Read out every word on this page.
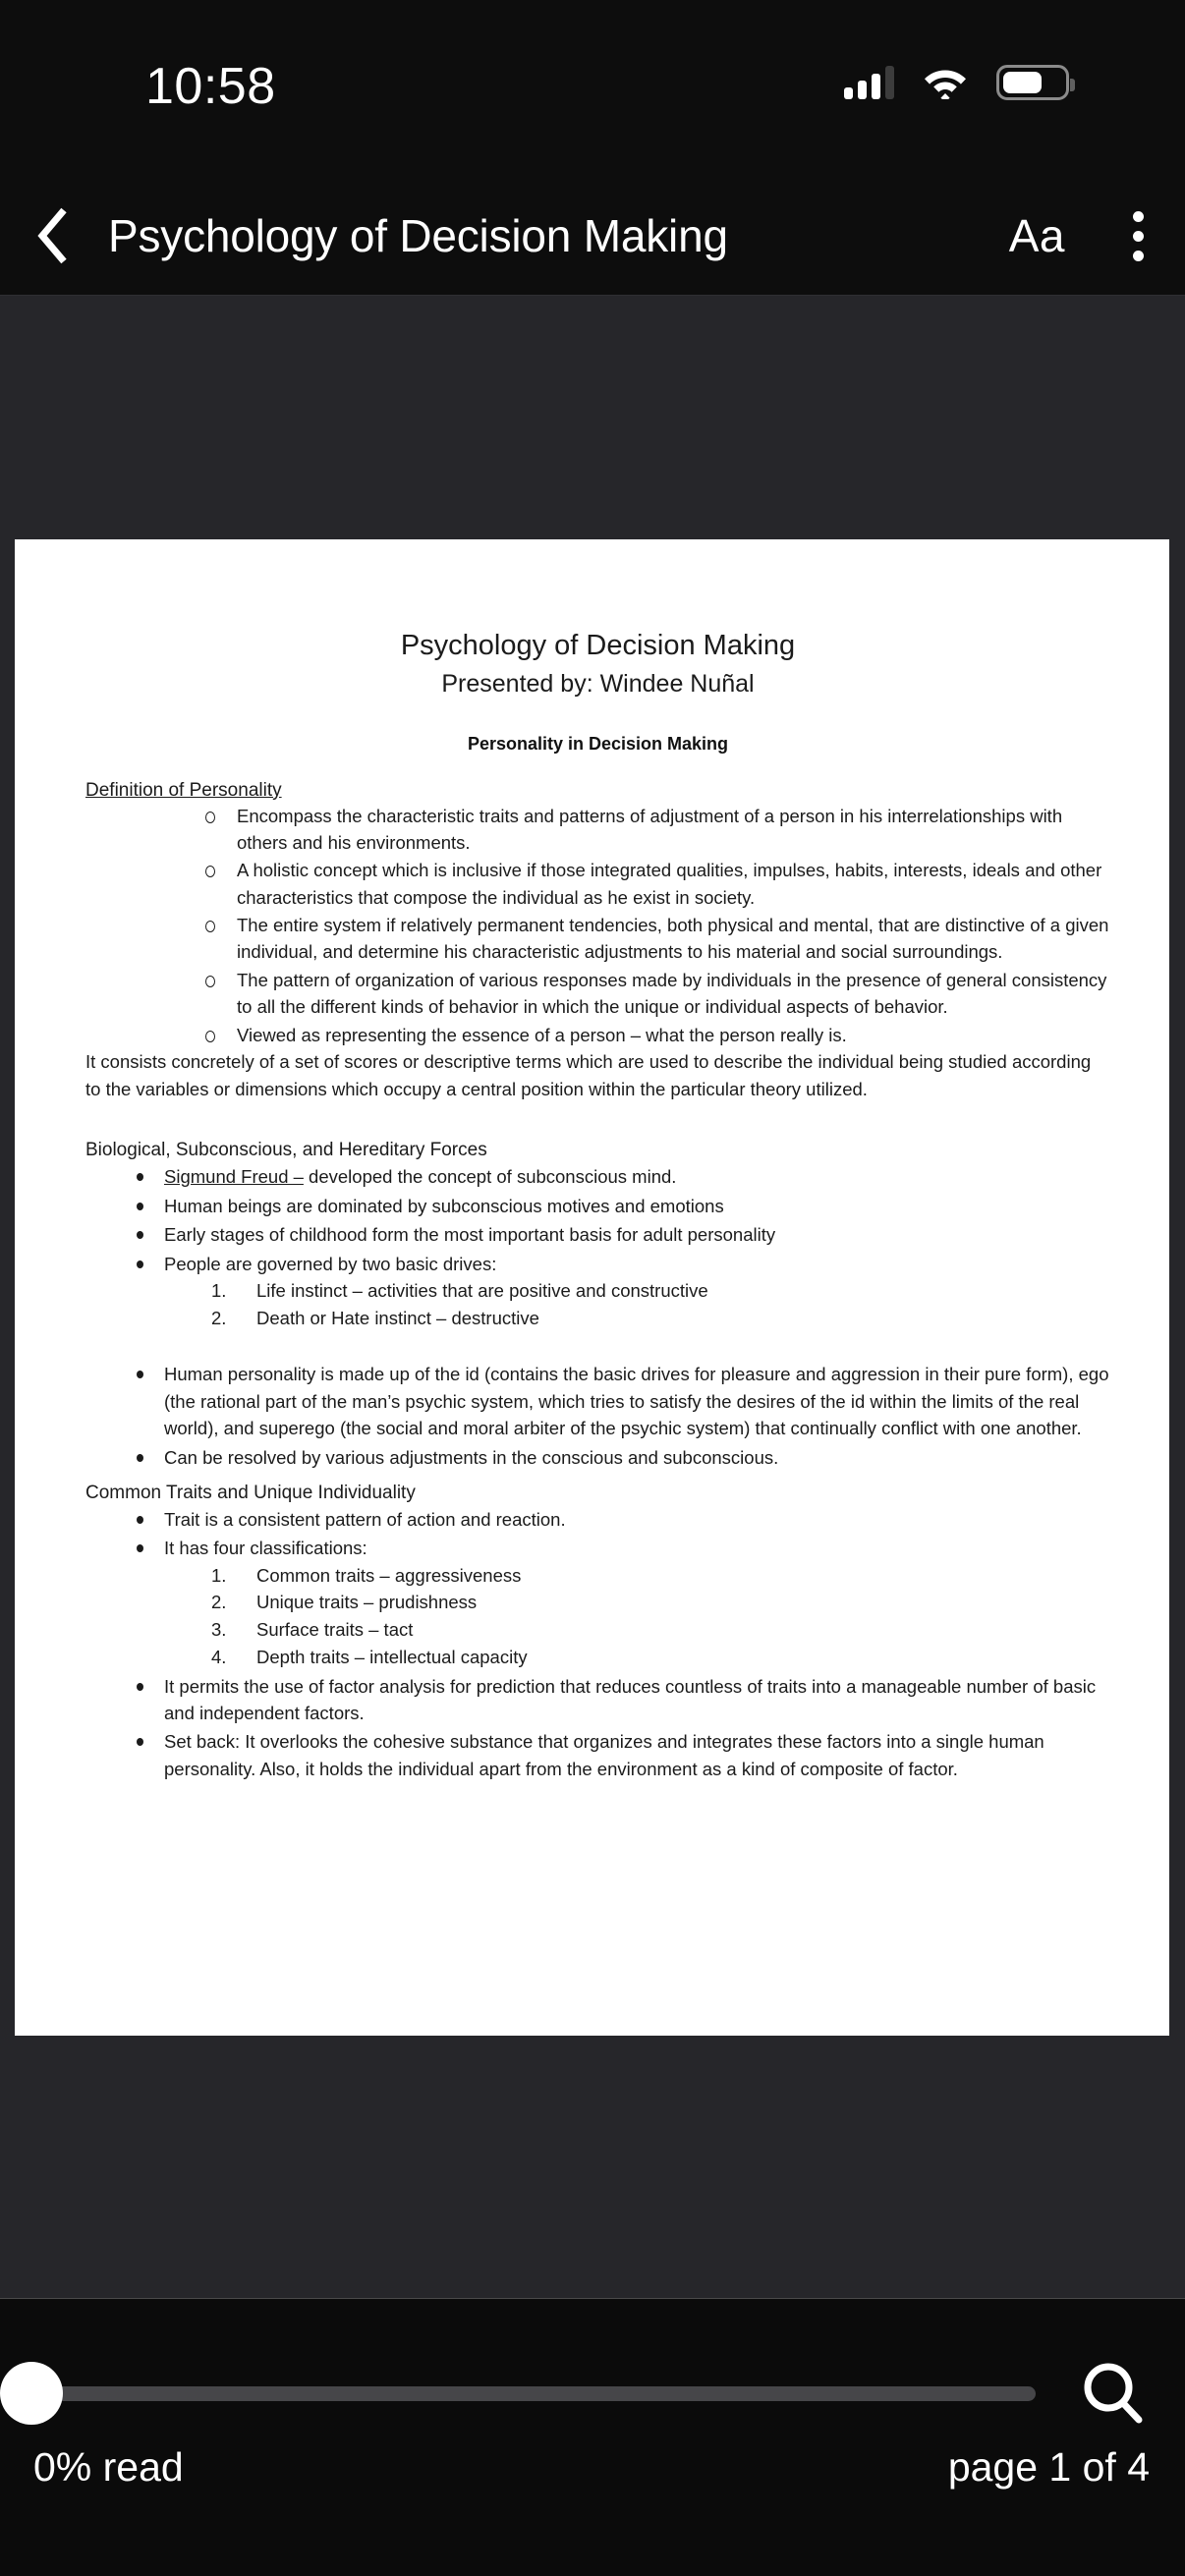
10:58
Psychology of Decision Making	Aa
Psychology of Decision Making
Presented by: Windee Nuñal
Personality in Decision Making
Definition of Personality
Encompass the characteristic traits and patterns of adjustment of a person in his interrelationships with others and his environments.
A holistic concept which is inclusive if those integrated qualities, impulses, habits, interests, ideals and other characteristics that compose the individual as he exist in society.
The entire system if relatively permanent tendencies, both physical and mental, that are distinctive of a given individual, and determine his characteristic adjustments to his material and social surroundings.
The pattern of organization of various responses made by individuals in the presence of general consistency to all the different kinds of behavior in which the unique or individual aspects of behavior.
Viewed as representing the essence of a person – what the person really is.

It consists concretely of a set of scores or descriptive terms which are used to describe the individual being studied according to the variables or dimensions which occupy a central position within the particular theory utilized.

Biological, Subconscious, and Hereditary Forces
Sigmund Freud – developed the concept of subconscious mind.
Human beings are dominated by subconscious motives and emotions
Early stages of childhood form the most important basis for adult personality
People are governed by two basic drives:
1.	Life instinct – activities that are positive and constructive
2.	Death or Hate instinct – destructive
Human personality is made up of the id (contains the basic drives for pleasure and aggression in their pure form), ego (the rational part of the man’s psychic system, which tries to satisfy the desires of the id within the limits of the real world), and superego (the social and moral arbiter of the psychic system) that continually conflict with one another.
Can be resolved by various adjustments in the conscious and subconscious.
Common Traits and Unique Individuality
Trait is a consistent pattern of action and reaction.
It has four classifications:
1.	Common traits – aggressiveness
2.	Unique traits – prudishness
3.	Surface traits – tact
4.	Depth traits – intellectual capacity
It permits the use of factor analysis for prediction that reduces countless of traits into a manageable number of basic and independent factors.
Set back: It overlooks the cohesive substance that organizes and integrates these factors into a single human personality. Also, it holds the individual apart from the environment as a kind of composite of factor.
0% read	page 1 of 4
